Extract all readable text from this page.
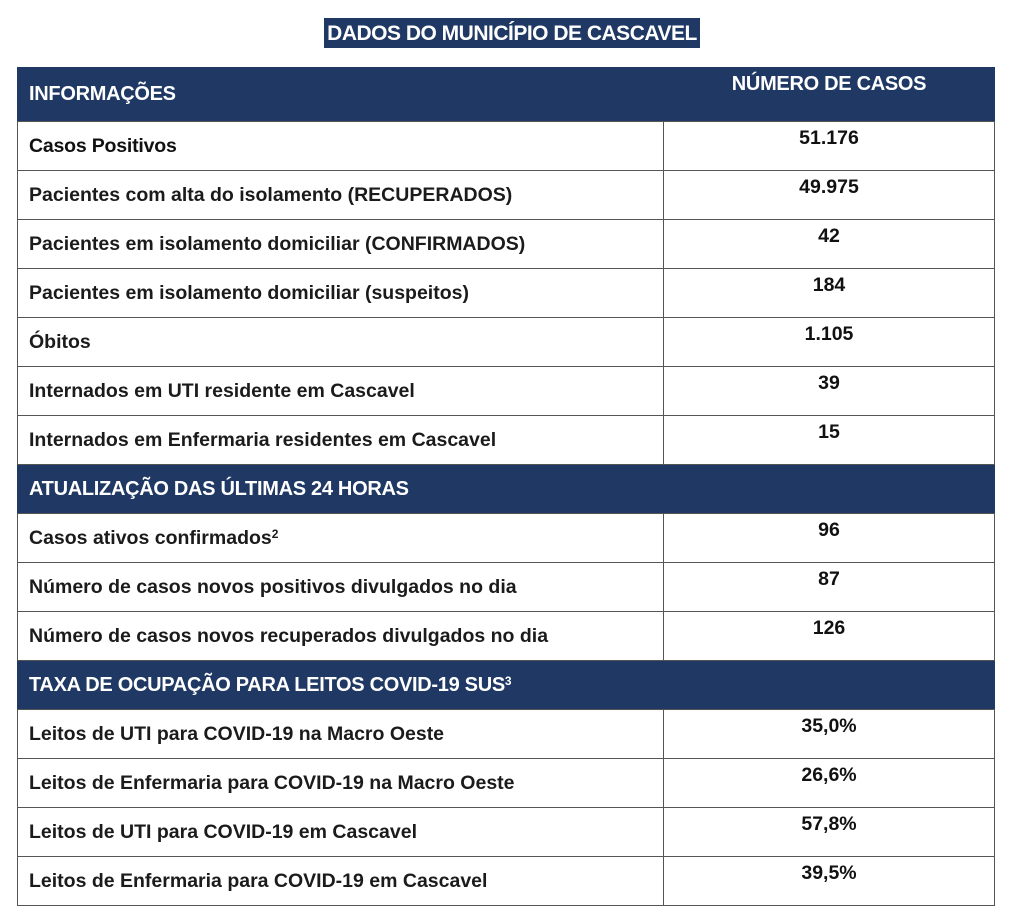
DADOS DO MUNICÍPIO DE CASCAVEL
INFORMAÇÕES	NÚMERO DE CASOS
Casos Positivos	51.176
Pacientes com alta do isolamento (RECUPERADOS)	49.975
Pacientes em isolamento domiciliar (CONFIRMADOS)	42
Pacientes em isolamento domiciliar (suspeitos)	184
Óbitos	1.105
Internados em UTI residente em Cascavel	39
Internados em Enfermaria residentes em Cascavel	15
ATUALIZAÇÃO DAS ÚLTIMAS 24 HORAS	
Casos ativos confirmados$^2$	96
Número de casos novos positivos divulgados no dia	87
Número de casos novos recuperados divulgados no dia	126
TAXA DE OCUPAÇÃO PARA LEITOS COVID-19 SUS$^3$	
Leitos de UTI para COVID-19 na Macro Oeste	35,0%
Leitos de Enfermaria para COVID-19 na Macro Oeste	26,6%
Leitos de UTI para COVID-19 em Cascavel	57,8%
Leitos de Enfermaria para COVID-19 em Cascavel	39,5%
